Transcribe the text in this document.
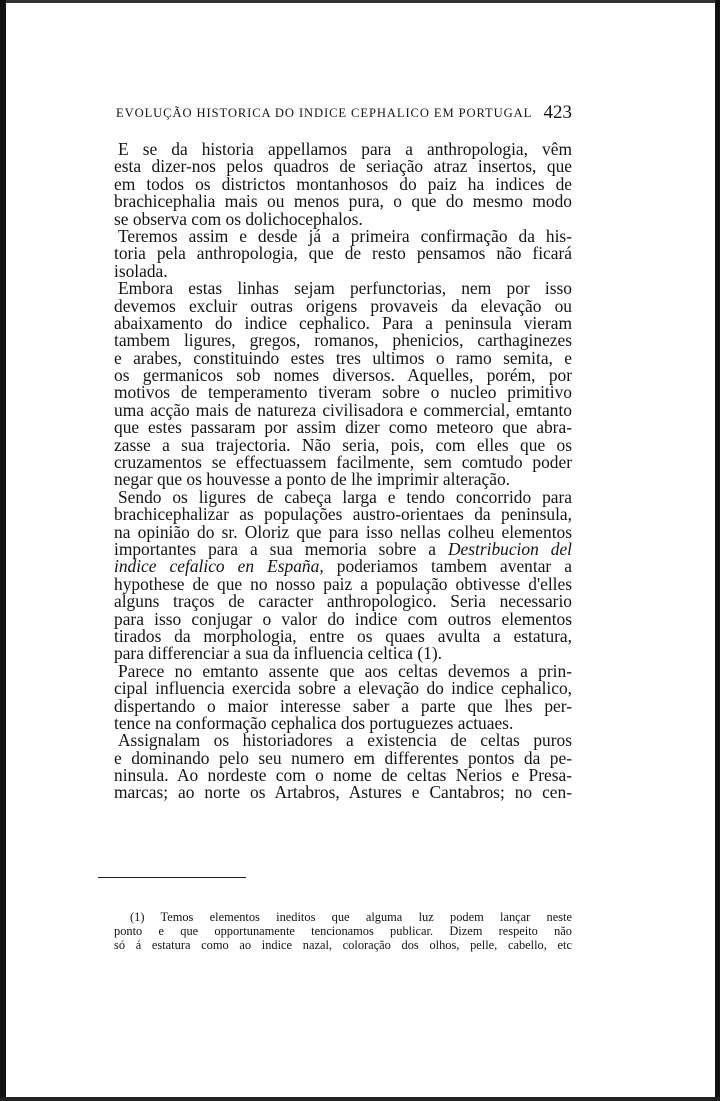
EVOLUÇÃO HISTORICA DO INDICE CEPHALICO EM PORTUGAL 423
E se da historia appellamos para a anthropologia, vêm
esta dizer-nos pelos quadros de seriação atraz insertos, que
em todos os districtos montanhosos do paiz ha indices de
brachicephalia mais ou menos pura, o que do mesmo modo
se observa com os dolichocephalos.
Teremos assim e desde já a primeira confirmação da his-
toria pela anthropologia, que de resto pensamos não ficará
isolada.
Embora estas linhas sejam perfunctorias, nem por isso
devemos excluir outras origens provaveis da elevação ou
abaixamento do indice cephalico. Para a peninsula vieram
tambem ligures, gregos, romanos, phenicios, carthaginezes
e arabes, constituindo estes tres ultimos o ramo semita, e
os germanicos sob nomes diversos. Aquelles, porém, por
motivos de temperamento tiveram sobre o nucleo primitivo
uma acção mais de natureza civilisadora e commercial, emtanto
que estes passaram por assim dizer como meteoro que abra-
zasse a sua trajectoria. Não seria, pois, com elles que os
cruzamentos se effectuassem facilmente, sem comtudo poder
negar que os houvesse a ponto de lhe imprimir alteração.
Sendo os ligures de cabeça larga e tendo concorrido para
brachicephalizar as populações austro-orientaes da peninsula,
na opinião do sr. Oloriz que para isso nellas colheu elementos
importantes para a sua memoria sobre a Destribucion del
indice cefalico en España, poderiamos tambem aventar a
hypothese de que no nosso paiz a população obtivesse d'elles
alguns traços de caracter anthropologico. Seria necessario
para isso conjugar o valor do indice com outros elementos
tirados da morphologia, entre os quaes avulta a estatura,
para differenciar a sua da influencia celtica (1).
Parece no emtanto assente que aos celtas devemos a prin-
cipal influencia exercida sobre a elevação do indice cephalico,
dispertando o maior interesse saber a parte que lhes per-
tence na conformação cephalica dos portuguezes actuaes.
Assignalam os historiadores a existencia de celtas puros
e dominando pelo seu numero em differentes pontos da pe-
ninsula. Ao nordeste com o nome de celtas Nerios e Presa-
marcas; ao norte os Artabros, Astures e Cantabros; no cen-
(1) Temos elementos ineditos que alguma luz podem lançar neste
ponto e que opportunamente tencionamos publicar. Dizem respeito não
só á estatura como ao indice nazal, coloração dos olhos, pelle, cabello, etc
